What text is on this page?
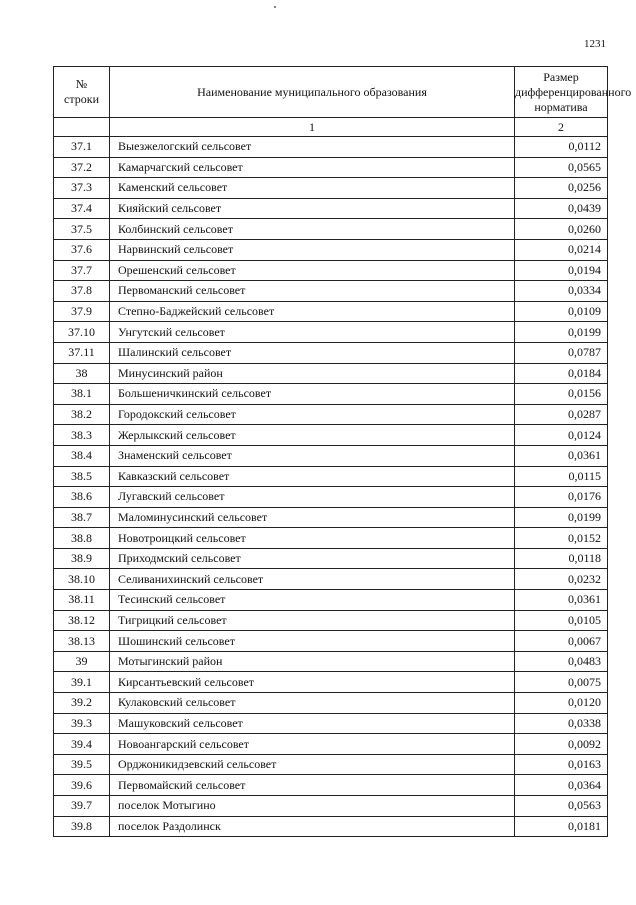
1231
№
строки	Наименование муниципального образования	Размер
дифференцированного
норматива
	1	2
37.1	Выезжелогский сельсовет	0,0112
37.2	Камарчагский сельсовет	0,0565
37.3	Каменский сельсовет	0,0256
37.4	Кияйский сельсовет	0,0439
37.5	Колбинский сельсовет	0,0260
37.6	Нарвинский сельсовет	0,0214
37.7	Орешенский сельсовет	0,0194
37.8	Первоманский сельсовет	0,0334
37.9	Степно-Баджейский сельсовет	0,0109
37.10	Унгутский сельсовет	0,0199
37.11	Шалинский сельсовет	0,0787
38	Минусинский район	0,0184
38.1	Большеничкинский сельсовет	0,0156
38.2	Городокский сельсовет	0,0287
38.3	Жерлыкский сельсовет	0,0124
38.4	Знаменский сельсовет	0,0361
38.5	Кавказский сельсовет	0,0115
38.6	Лугавский сельсовет	0,0176
38.7	Маломинусинский сельсовет	0,0199
38.8	Новотроицкий сельсовет	0,0152
38.9	Приходмский сельсовет	0,0118
38.10	Селиванихинский сельсовет	0,0232
38.11	Тесинский сельсовет	0,0361
38.12	Тигрицкий сельсовет	0,0105
38.13	Шошинский сельсовет	0,0067
39	Мотыгинский район	0,0483
39.1	Кирсантьевский сельсовет	0,0075
39.2	Кулаковский сельсовет	0,0120
39.3	Машуковский сельсовет	0,0338
39.4	Новоангарский сельсовет	0,0092
39.5	Орджоникидзевский сельсовет	0,0163
39.6	Первомайский сельсовет	0,0364
39.7	поселок Мотыгино	0,0563
39.8	поселок Раздолинск	0,0181
